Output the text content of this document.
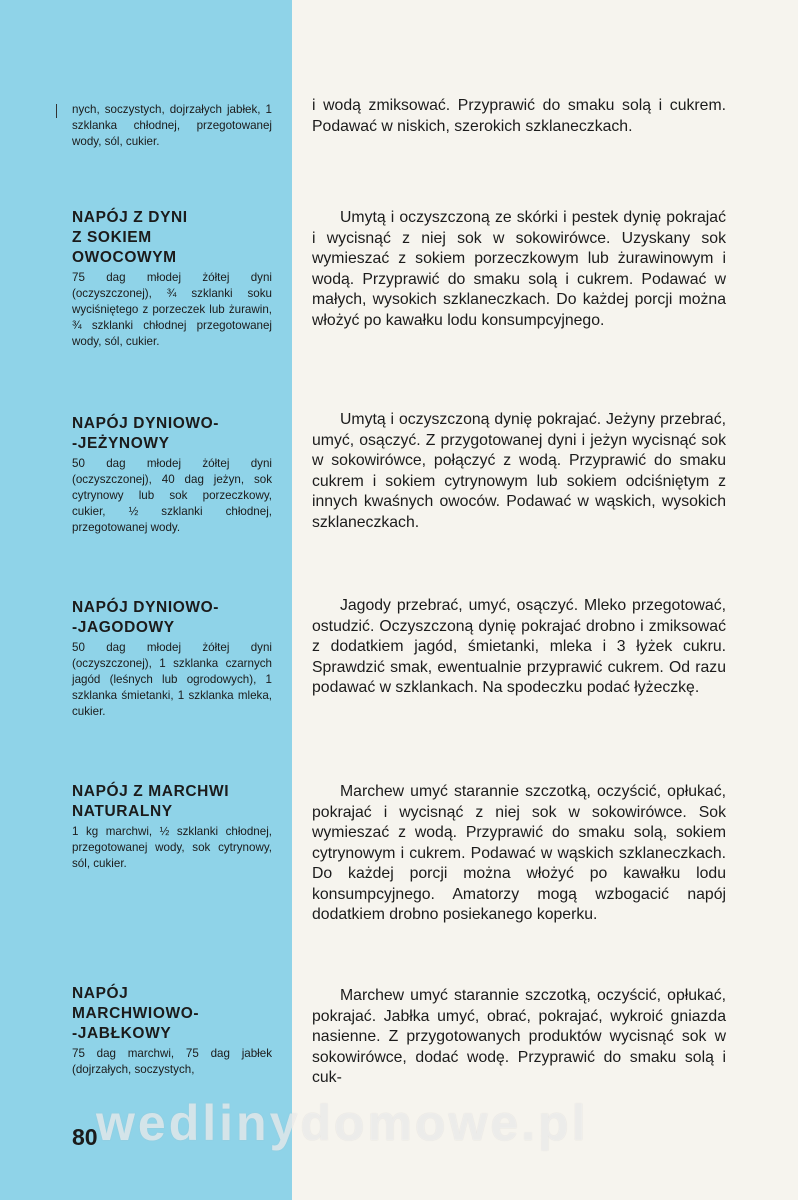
nych, soczystych, dojrzałych jabłek, 1 szklanka chłodnej, przegotowanej wody, sól, cukier.

i wodą zmiksować. Przyprawić do smaku solą i cukrem. Podawać w niskich, szerokich szklaneczkach.

NAPÓJ Z DYNI
Z SOKIEM
OWOCOWYM

75 dag młodej żółtej dyni (oczyszczonej), ¾ szklanki soku wyciśniętego z porzeczek lub żurawin, ¾ szklanki chłodnej przegotowanej wody, sól, cukier.

Umytą i oczyszczoną ze skórki i pestek dynię pokrajać i wycisnąć z niej sok w sokowirówce. Uzyskany sok wymieszać z sokiem porzeczkowym lub żurawinowym i wodą. Przyprawić do smaku solą i cukrem. Podawać w małych, wysokich szklaneczkach. Do każdej porcji można włożyć po kawałku lodu konsumpcyjnego.

NAPÓJ DYNIOWO-
-JEŻYNOWY

50 dag młodej żółtej dyni (oczyszczonej), 40 dag jeżyn, sok cytrynowy lub sok porzeczkowy, cukier, ½ szklanki chłodnej, przegotowanej wody.

Umytą i oczyszczoną dynię pokrajać. Jeżyny przebrać, umyć, osączyć. Z przygotowanej dyni i jeżyn wycisnąć sok w sokowirówce, połączyć z wodą. Przyprawić do smaku cukrem i sokiem cytrynowym lub sokiem odciśniętym z innych kwaśnych owoców. Podawać w wąskich, wysokich szklaneczkach.

NAPÓJ DYNIOWO-
-JAGODOWY

50 dag młodej żółtej dyni (oczyszczonej), 1 szklanka czarnych jagód (leśnych lub ogrodowych), 1 szklanka śmietanki, 1 szklanka mleka, cukier.

Jagody przebrać, umyć, osączyć. Mleko przegotować, ostudzić. Oczyszczoną dynię pokrajać drobno i zmiksować z dodatkiem jagód, śmietanki, mleka i 3 łyżek cukru. Sprawdzić smak, ewentualnie przyprawić cukrem. Od razu podawać w szklankach. Na spodeczku podać łyżeczkę.

NAPÓJ Z MARCHWI
NATURALNY

1 kg marchwi, ½ szklanki chłodnej, przegotowanej wody, sok cytrynowy, sól, cukier.

Marchew umyć starannie szczotką, oczyścić, opłukać, pokrajać i wycisnąć z niej sok w sokowirówce. Sok wymieszać z wodą. Przyprawić do smaku solą, sokiem cytrynowym i cukrem. Podawać w wąskich szklaneczkach. Do każdej porcji można włożyć po kawałku lodu konsumpcyjnego. Amatorzy mogą wzbogacić napój dodatkiem drobno posiekanego koperku.

NAPÓJ
MARCHWIOWO-
-JABŁKOWY

75 dag marchwi, 75 dag jabłek (dojrzałych, soczystych,

Marchew umyć starannie szczotką, oczyścić, opłukać, pokrajać. Jabłka umyć, obrać, pokrajać, wykroić gniazda nasienne. Z przygotowanych produktów wycisnąć sok w sokowirówce, dodać wodę. Przyprawić do smaku solą i cuk-

wedlinydomowe.pl
80
